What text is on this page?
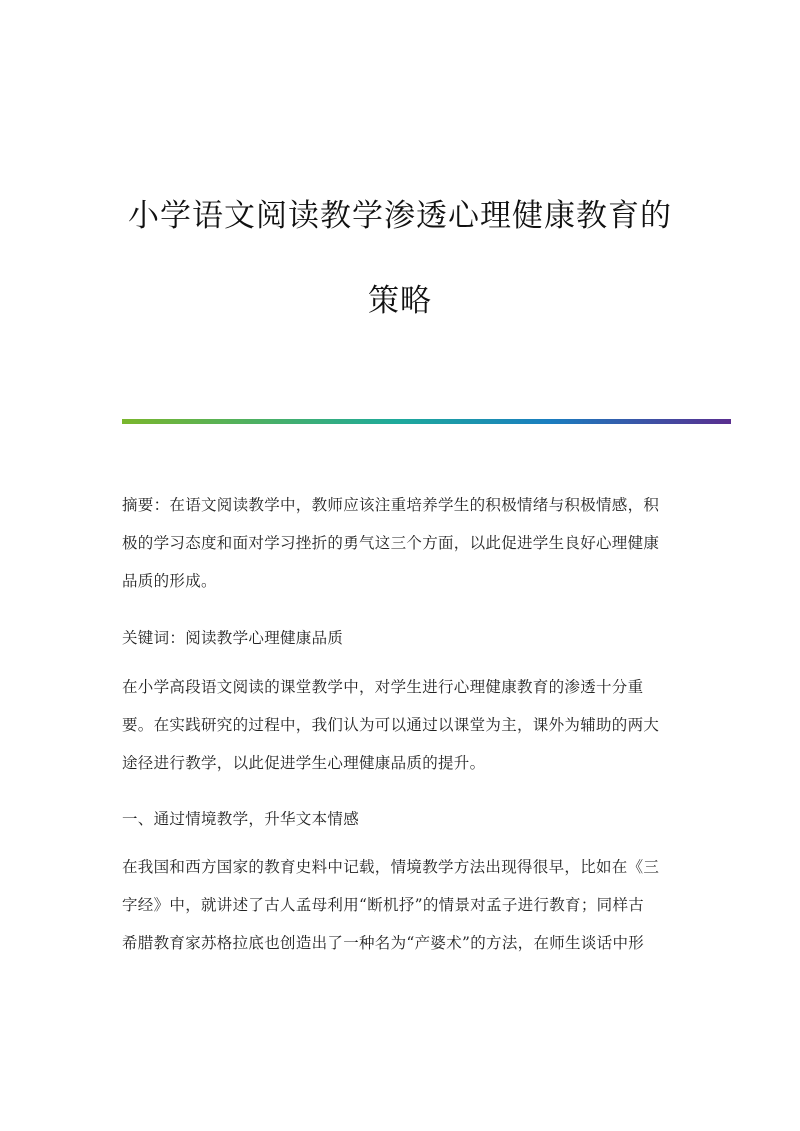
小学语文阅读教学渗透心理健康教育的
策略
摘要：在语文阅读教学中，教师应该注重培养学生的积极情绪与积极情感，积
极的学习态度和面对学习挫折的勇气这三个方面，以此促进学生良好心理健康
品质的形成。
关键词：阅读教学心理健康品质
在小学高段语文阅读的课堂教学中，对学生进行心理健康教育的渗透十分重
要。在实践研究的过程中，我们认为可以通过以课堂为主，课外为辅助的两大
途径进行教学，以此促进学生心理健康品质的提升。
一、通过情境教学，升华文本情感
在我国和西方国家的教育史料中记载，情境教学方法出现得很早，比如在《三
字经》中，就讲述了古人孟母利用“断机抒”的情景对孟子进行教育；同样古
希腊教育家苏格拉底也创造出了一种名为“产婆术”的方法，在师生谈话中形
